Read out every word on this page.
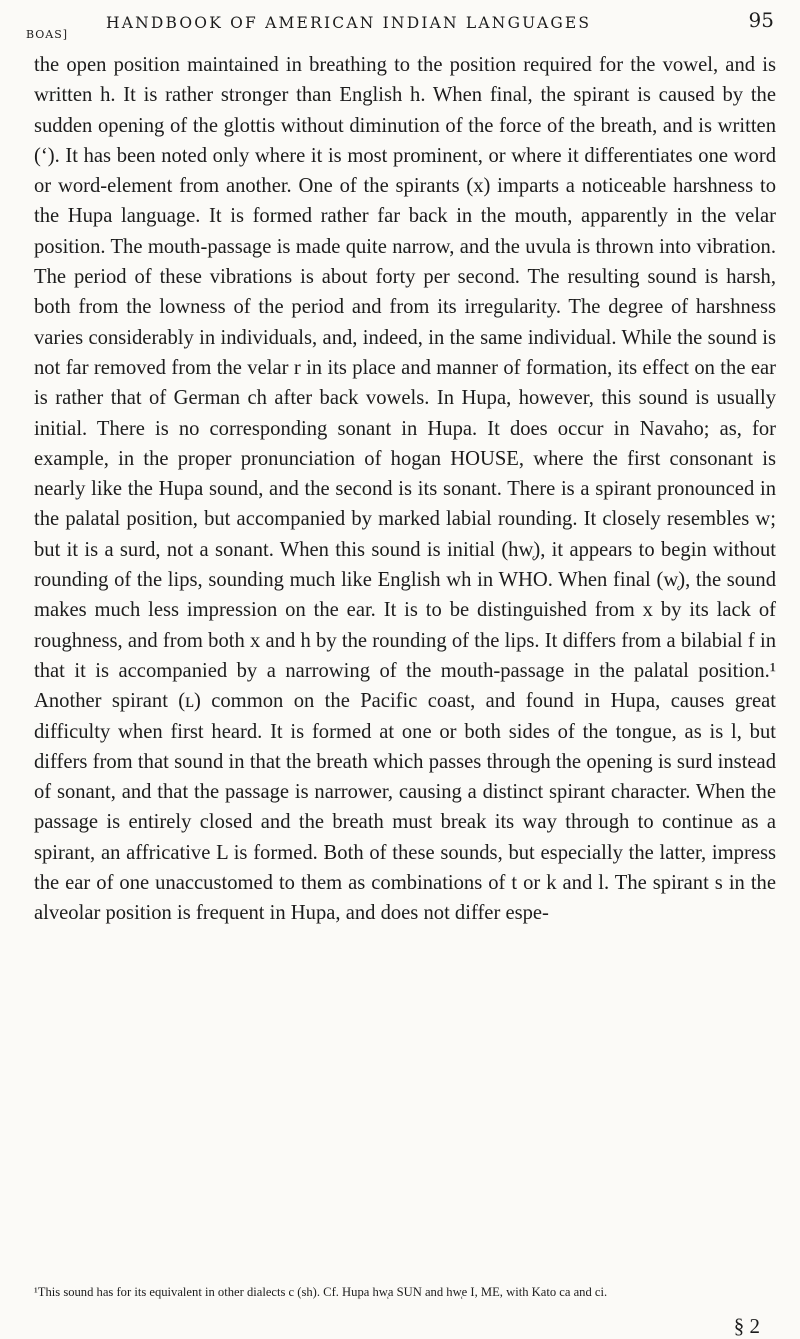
BOAS]
HANDBOOK OF AMERICAN INDIAN LANGUAGES	95

the open position maintained in breathing to the position required for the vowel, and is written h. It is rather stronger than English h. When final, the spirant is caused by the sudden opening of the glottis without diminution of the force of the breath, and is written (ʻ). It has been noted only where it is most prominent, or where it differentiates one word or word-element from another. One of the spirants (x) imparts a noticeable harshness to the Hupa language. It is formed rather far back in the mouth, apparently in the velar position. The mouth-passage is made quite narrow, and the uvula is thrown into vibration. The period of these vibrations is about forty per second. The resulting sound is harsh, both from the lowness of the period and from its irregularity. The degree of harshness varies considerably in individuals, and, indeed, in the same individual. While the sound is not far removed from the velar r in its place and manner of formation, its effect on the ear is rather that of German ch after back vowels. In Hupa, however, this sound is usually initial. There is no corresponding sonant in Hupa. It does occur in Navaho; as, for example, in the proper pronunciation of hogan HOUSE, where the first consonant is nearly like the Hupa sound, and the second is its sonant. There is a spirant pronounced in the palatal position, but accompanied by marked labial rounding. It closely resembles w; but it is a surd, not a sonant. When this sound is initial (hw̜), it appears to begin without rounding of the lips, sounding much like English wh in WHO. When final (w̜), the sound makes much less impression on the ear. It is to be distinguished from x by its lack of roughness, and from both x and h by the rounding of the lips. It differs from a bilabial f in that it is accompanied by a narrowing of the mouth-passage in the palatal position.¹ Another spirant (ʟ) common on the Pacific coast, and found in Hupa, causes great difficulty when first heard. It is formed at one or both sides of the tongue, as is l, but differs from that sound in that the breath which passes through the opening is surd instead of sonant, and that the passage is narrower, causing a distinct spirant character. When the passage is entirely closed and the breath must break its way through to continue as a spirant, an affricative L is formed. Both of these sounds, but especially the latter, impress the ear of one unaccustomed to them as combinations of t or k and l. The spirant s in the alveolar position is frequent in Hupa, and does not differ espe-

¹This sound has for its equivalent in other dialects c (sh). Cf. Hupa hw̜a SUN and hw̜e I, ME, with Kato ca and ci.
§ 2
